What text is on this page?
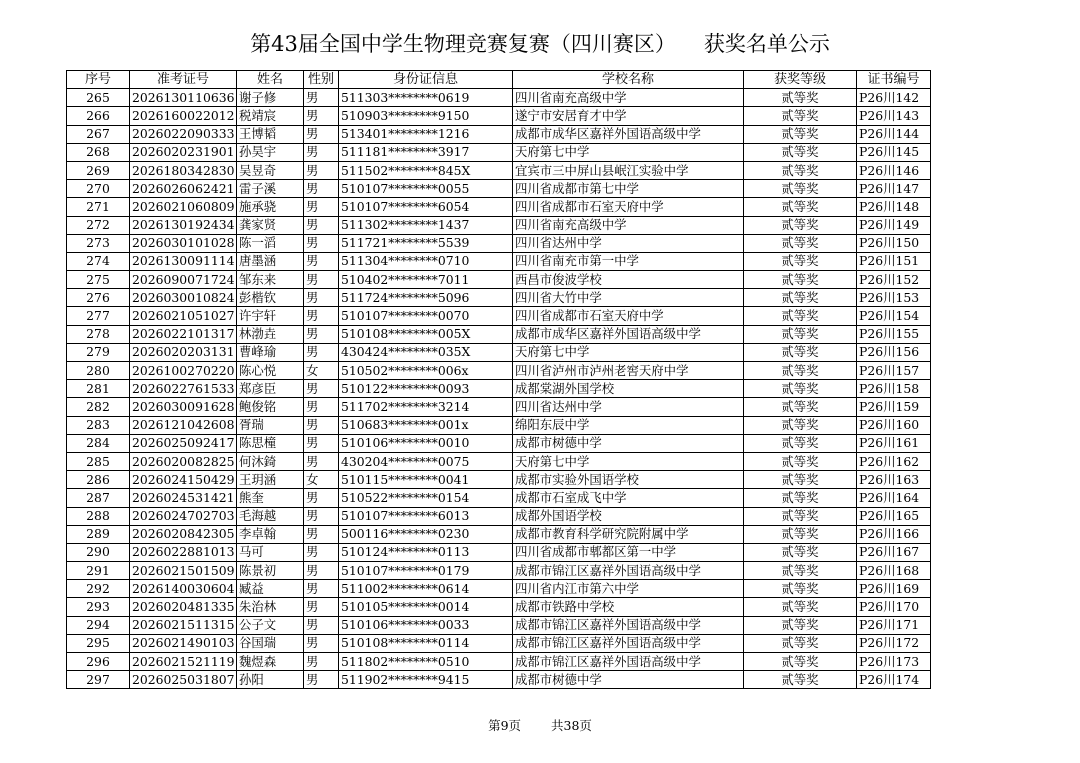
第43届全国中学生物理竞赛复赛（四川赛区） 获奖名单公示
序号	准考证号	姓名	性别	身份证信息	学校名称	获奖等级	证书编号
265	2026130110636	谢子修	男	511303********0619	四川省南充高级中学	贰等奖	P26川142
266	2026160022012	税靖宸	男	510903********9150	遂宁市安居育才中学	贰等奖	P26川143
267	2026022090333	王博韬	男	513401********1216	成都市成华区嘉祥外国语高级中学	贰等奖	P26川144
268	2026020231901	孙昊宇	男	511181********3917	天府第七中学	贰等奖	P26川145
269	2026180342830	吴昱奇	男	511502********845X	宜宾市三中屏山县岷江实验中学	贰等奖	P26川146
270	2026026062421	雷子溪	男	510107********0055	四川省成都市第七中学	贰等奖	P26川147
271	2026021060809	施承骁	男	510107********6054	四川省成都市石室天府中学	贰等奖	P26川148
272	2026130192434	龚家贤	男	511302********1437	四川省南充高级中学	贰等奖	P26川149
273	2026030101028	陈一滔	男	511721********5539	四川省达州中学	贰等奖	P26川150
274	2026130091114	唐墨涵	男	511304********0710	四川省南充市第一中学	贰等奖	P26川151
275	2026090071724	邹东来	男	510402********7011	西昌市俊波学校	贰等奖	P26川152
276	2026030010824	彭楷钦	男	511724********5096	四川省大竹中学	贰等奖	P26川153
277	2026021051027	许宇轩	男	510107********0070	四川省成都市石室天府中学	贰等奖	P26川154
278	2026022101317	林渤垚	男	510108********005X	成都市成华区嘉祥外国语高级中学	贰等奖	P26川155
279	2026020203131	曹峰瑜	男	430424********035X	天府第七中学	贰等奖	P26川156
280	2026100270220	陈心悦	女	510502********006x	四川省泸州市泸州老窖天府中学	贰等奖	P26川157
281	2026022761533	郑彦臣	男	510122********0093	成都棠湖外国学校	贰等奖	P26川158
282	2026030091628	鲍俊铭	男	511702********3214	四川省达州中学	贰等奖	P26川159
283	2026121042608	胥瑞	男	510683********001x	绵阳东辰中学	贰等奖	P26川160
284	2026025092417	陈思橦	男	510106********0010	成都市树德中学	贰等奖	P26川161
285	2026020082825	何沐錡	男	430204********0075	天府第七中学	贰等奖	P26川162
286	2026024150429	王玥涵	女	510115********0041	成都市实验外国语学校	贰等奖	P26川163
287	2026024531421	熊奎	男	510522********0154	成都市石室成飞中学	贰等奖	P26川164
288	2026024702703	毛海越	男	510107********6013	成都外国语学校	贰等奖	P26川165
289	2026020842305	李卓翰	男	500116********0230	成都市教育科学研究院附属中学	贰等奖	P26川166
290	2026022881013	马可	男	510124********0113	四川省成都市郫都区第一中学	贰等奖	P26川167
291	2026021501509	陈景初	男	510107********0179	成都市锦江区嘉祥外国语高级中学	贰等奖	P26川168
292	2026140030604	臧益	男	511002********0614	四川省内江市第六中学	贰等奖	P26川169
293	2026020481335	朱治林	男	510105********0014	成都市铁路中学校	贰等奖	P26川170
294	2026021511315	公子文	男	510106********0033	成都市锦江区嘉祥外国语高级中学	贰等奖	P26川171
295	2026021490103	谷国瑞	男	510108********0114	成都市锦江区嘉祥外国语高级中学	贰等奖	P26川172
296	2026021521119	魏煜森	男	511802********0510	成都市锦江区嘉祥外国语高级中学	贰等奖	P26川173
297	2026025031807	孙阳	男	511902********9415	成都市树德中学	贰等奖	P26川174
第9页 共38页
